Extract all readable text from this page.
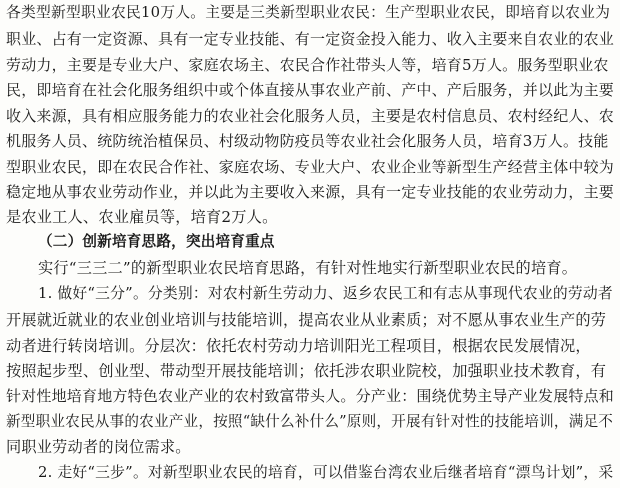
各类型新型职业农民10万人。主要是三类新型职业农民：生产型职业农民，即培育以农业为
职业、占有一定资源、具有一定专业技能、有一定资金投入能力、收入主要来自农业的农业
劳动力，主要是专业大户、家庭农场主、农民合作社带头人等，培育5万人。服务型职业农
民，即培育在社会化服务组织中或个体直接从事农业产前、产中、产后服务，并以此为主要
收入来源，具有相应服务能力的农业社会化服务人员，主要是农村信息员、农村经纪人、农
机服务人员、统防统治植保员、村级动物防疫员等农业社会化服务人员，培育3万人。技能
型职业农民，即在农民合作社、家庭农场、专业大户、农业企业等新型生产经营主体中较为
稳定地从事农业劳动作业，并以此为主要收入来源，具有一定专业技能的农业劳动力，主要
是农业工人、农业雇员等，培育2万人。
（二）创新培育思路，突出培育重点
实行“三三二”的新型职业农民培育思路，有针对性地实行新型职业农民的培育。
1. 做好“三分”。分类别：对农村新生劳动力、返乡农民工和有志从事现代农业的劳动者
开展就近就业的农业创业培训与技能培训，提高农业从业素质；对不愿从事农业生产的劳
动者进行转岗培训。分层次：依托农村劳动力培训阳光工程项目，根据农民发展情况，
按照起步型、创业型、带动型开展技能培训；依托涉农职业院校，加强职业技术教育，有
针对性地培育地方特色农业产业的农村致富带头人。分产业：围绕优势主导产业发展特点和
新型职业农民从事的农业产业，按照“缺什么补什么”原则，开展有针对性的技能培训，满足不
同职业劳动者的岗位需求。
2. 走好“三步”。对新型职业农民的培育，可以借鉴台湾农业后继者培育“漂鸟计划”，采
